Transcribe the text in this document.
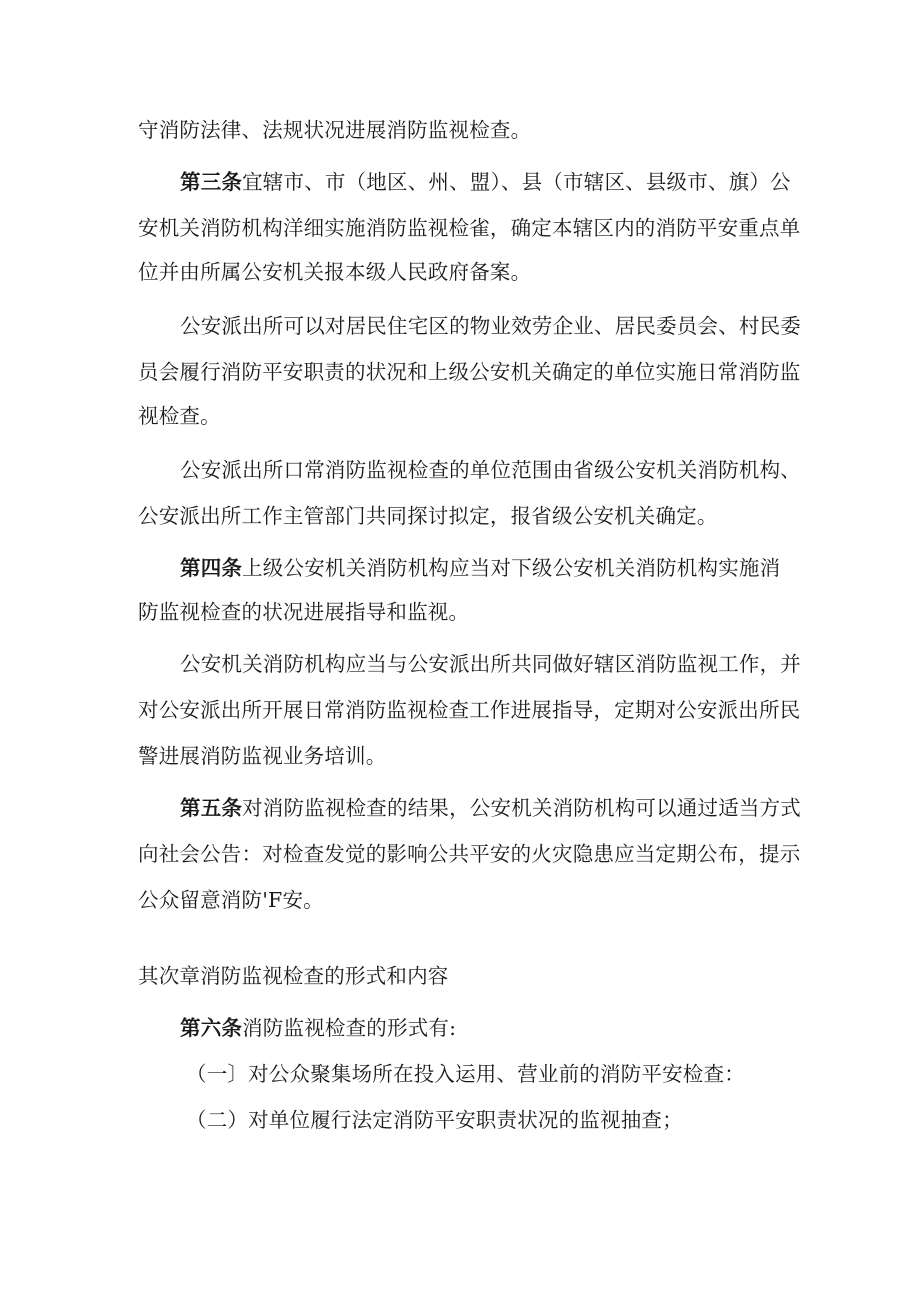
守消防法律、法规状况进展消防监视检查。
第三条宜辖市、市（地区、州、盟）、县（市辖区、县级市、旗）公
安机关消防机构洋细实施消防监视检雀，确定本辖区内的消防平安重点单
位并由所属公安机关报本级人民政府备案。
公安派出所可以对居民住宅区的物业效劳企业、居民委员会、村民委
员会履行消防平安职责的状况和上级公安机关确定的单位实施日常消防监
视检查。
公安派出所口常消防监视检查的单位范围由省级公安机关消防机构、
公安派出所工作主管部门共同探讨拟定，报省级公安机关确定。
第四条上级公安机关消防机构应当对下级公安机关消防机构实施消
防监视检查的状况进展指导和监视。
公安机关消防机构应当与公安派出所共同做好辖区消防监视工作，并
对公安派出所开展日常消防监视检查工作进展指导，定期对公安派出所民
警进展消防监视业务培训。
第五条对消防监视检查的结果，公安机关消防机构可以通过适当方式
向社会公告：对检查发觉的影响公共平安的火灾隐患应当定期公布，提示
公众留意消防'F安。
其次章消防监视检查的形式和内容
第六条消防监视检查的形式有:
（一〕对公众聚集场所在投入运用、营业前的消防平安检查：
（二）对单位履行法定消防平安职责状况的监视抽查；
